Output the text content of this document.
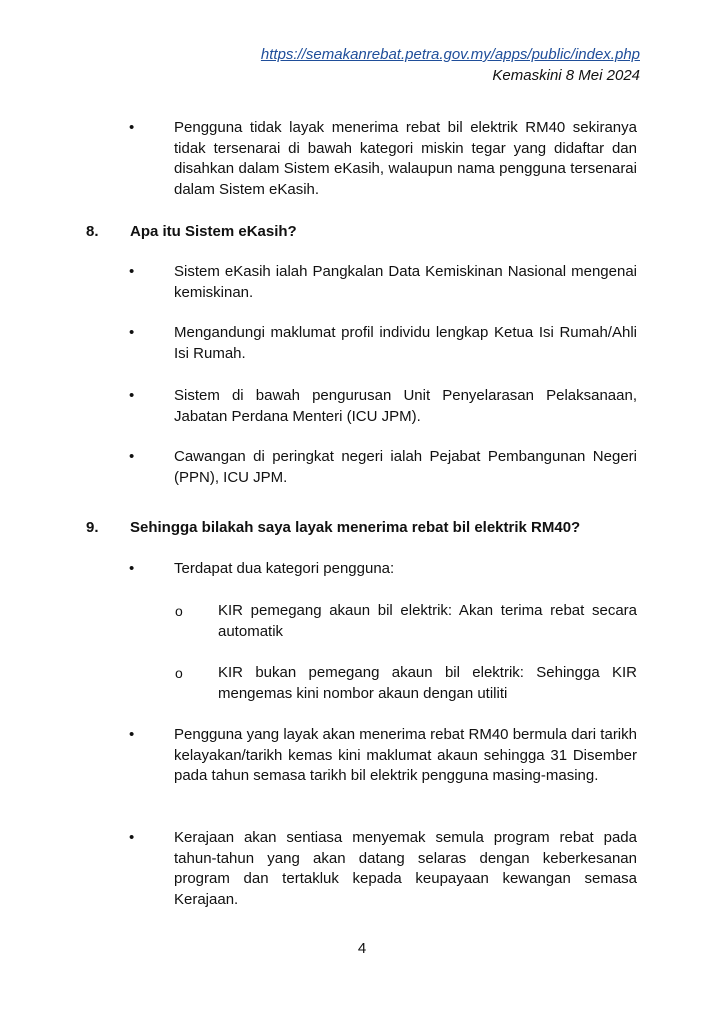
https://semakanrebat.petra.gov.my/apps/public/index.php
Kemaskini 8 Mei 2024
•	Pengguna tidak layak menerima rebat bil elektrik RM40 sekiranya tidak tersenarai di bawah kategori miskin tegar yang didaftar dan disahkan dalam Sistem eKasih, walaupun nama pengguna tersenarai dalam Sistem eKasih.
8. Apa itu Sistem eKasih?
•	Sistem eKasih ialah Pangkalan Data Kemiskinan Nasional mengenai kemiskinan.
•	Mengandungi maklumat profil individu lengkap Ketua Isi Rumah/Ahli Isi Rumah.
•	Sistem di bawah pengurusan Unit Penyelarasan Pelaksanaan, Jabatan Perdana Menteri (ICU JPM).
•	Cawangan di peringkat negeri ialah Pejabat Pembangunan Negeri (PPN), ICU JPM.
9. Sehingga bilakah saya layak menerima rebat bil elektrik RM40?
•	Terdapat dua kategori pengguna:
o KIR pemegang akaun bil elektrik: Akan terima rebat secara automatik
o KIR bukan pemegang akaun bil elektrik: Sehingga KIR mengemas kini nombor akaun dengan utiliti
•	Pengguna yang layak akan menerima rebat RM40 bermula dari tarikh kelayakan/tarikh kemas kini maklumat akaun sehingga 31 Disember pada tahun semasa tarikh bil elektrik pengguna masing-masing.
•	Kerajaan akan sentiasa menyemak semula program rebat pada tahun-tahun yang akan datang selaras dengan keberkesanan program dan tertakluk kepada keupayaan kewangan semasa Kerajaan.
4
